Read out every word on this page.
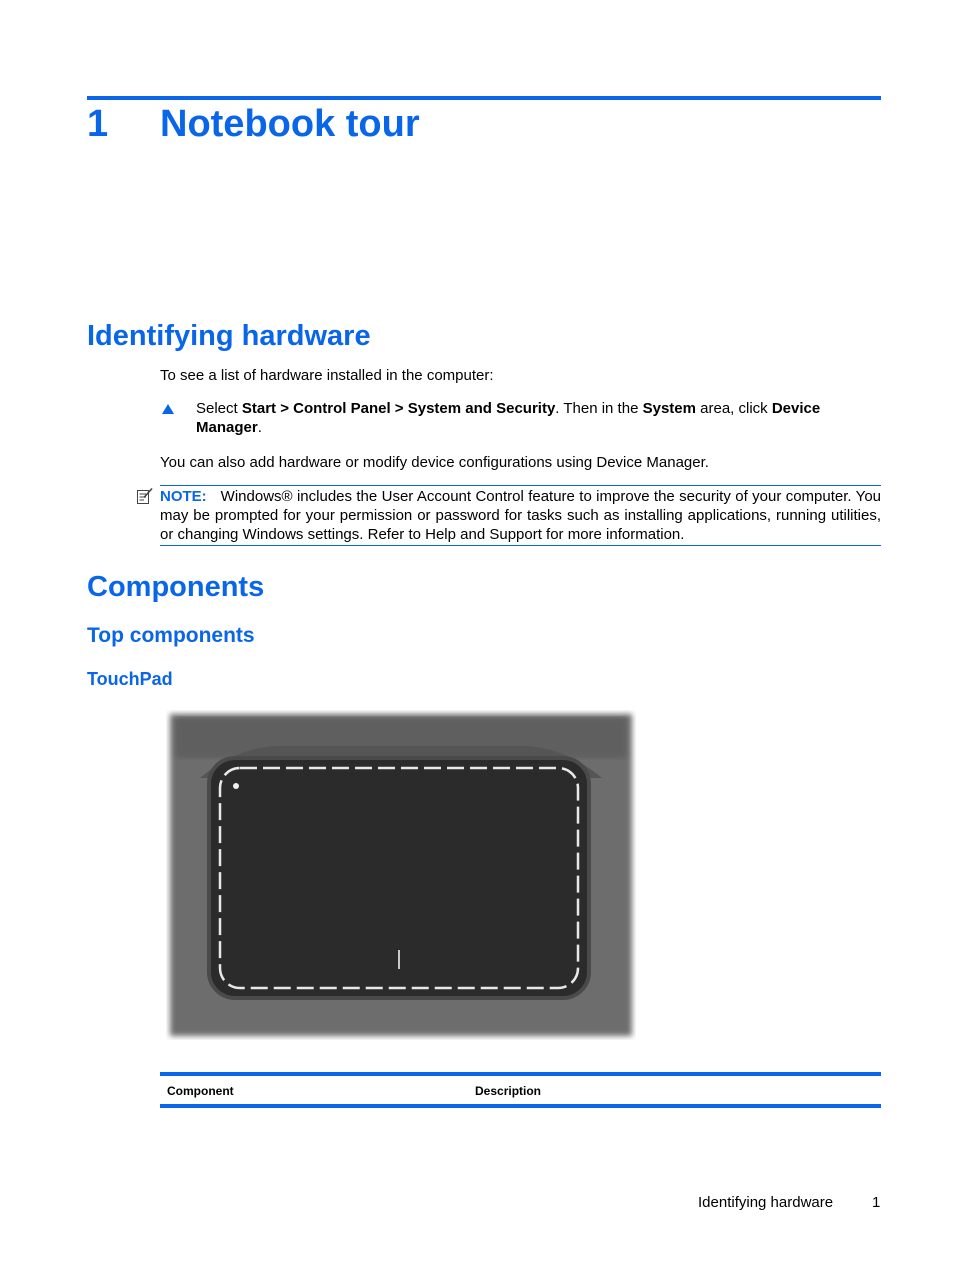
1 Notebook tour
Identifying hardware
To see a list of hardware installed in the computer:
Select Start > Control Panel > System and Security. Then in the System area, click Device Manager.
You can also add hardware or modify device configurations using Device Manager.
NOTE: Windows® includes the User Account Control feature to improve the security of your computer. You may be prompted for your permission or password for tasks such as installing applications, running utilities, or changing Windows settings. Refer to Help and Support for more information.
Components
Top components
TouchPad
Component	Description
Identifying hardware	1
